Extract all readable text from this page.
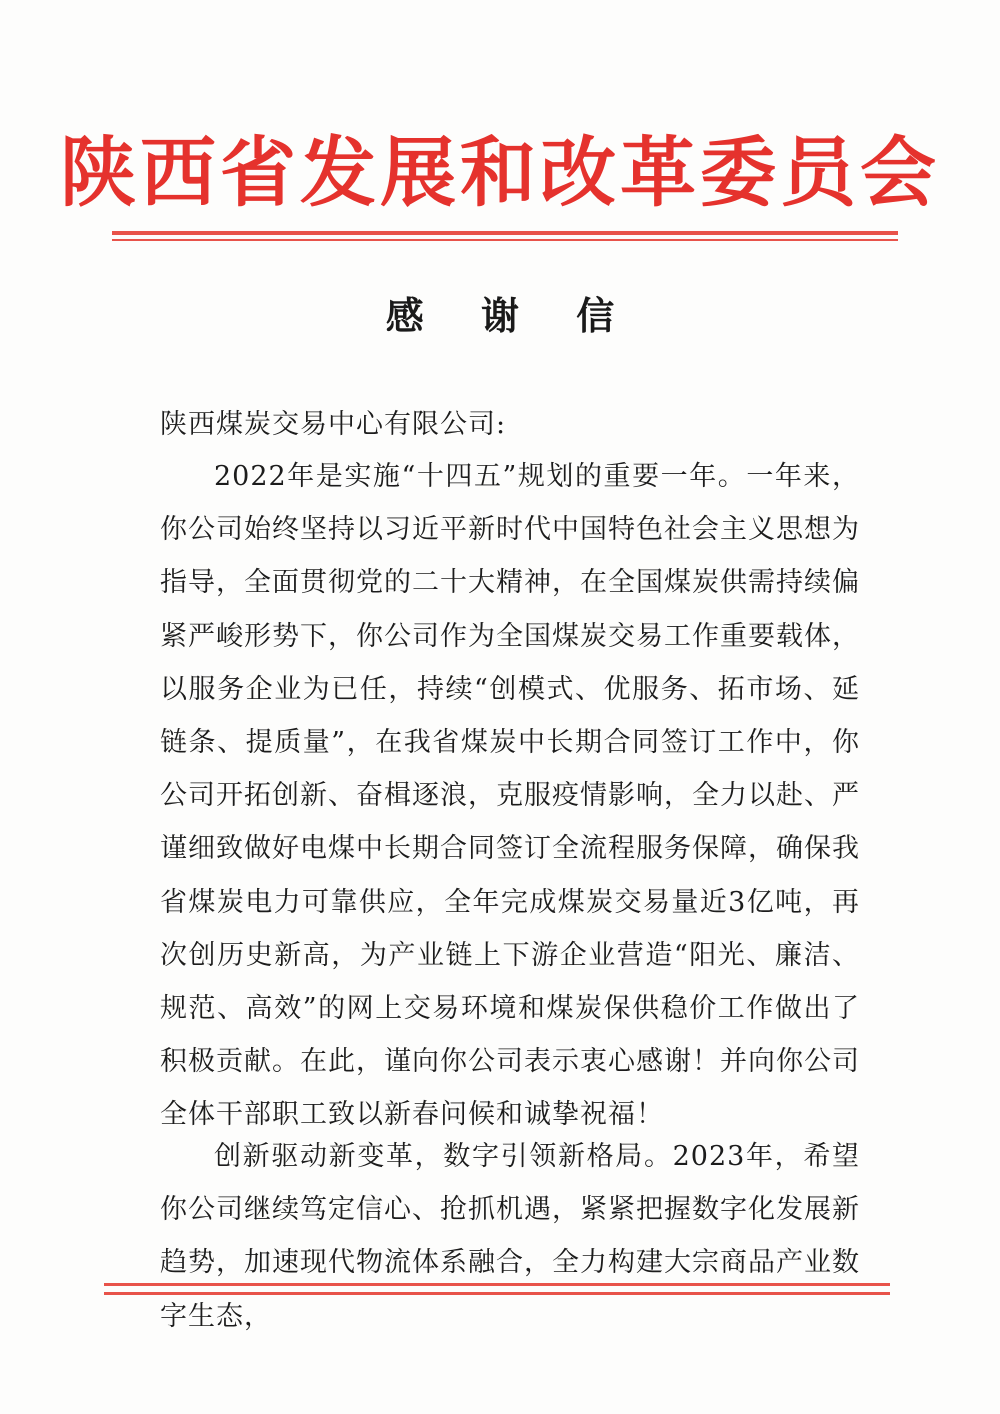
陕西省发展和改革委员会
感 谢 信
陕西煤炭交易中心有限公司:

2022年是实施“十四五”规划的重要一年。一年来，你公司始终坚持以习近平新时代中国特色社会主义思想为指导，全面贯彻党的二十大精神，在全国煤炭供需持续偏紧严峻形势下，你公司作为全国煤炭交易工作重要载体，以服务企业为已任，持续“创模式、优服务、拓市场、延链条、提质量”，在我省煤炭中长期合同签订工作中，你公司开拓创新、奋楫逐浪，克服疫情影响，全力以赴、严谨细致做好电煤中长期合同签订全流程服务保障，确保我省煤炭电力可靠供应，全年完成煤炭交易量近3亿吨，再次创历史新高，为产业链上下游企业营造“阳光、廉洁、规范、高效”的网上交易环境和煤炭保供稳价工作做出了积极贡献。在此，谨向你公司表示衷心感谢！并向你公司全体干部职工致以新春问候和诚挚祝福！

创新驱动新变革，数字引领新格局。2023年，希望你公司继续笃定信心、抢抓机遇，紧紧把握数字化发展新趋势，加速现代物流体系融合，全力构建大宗商品产业数字生态，
